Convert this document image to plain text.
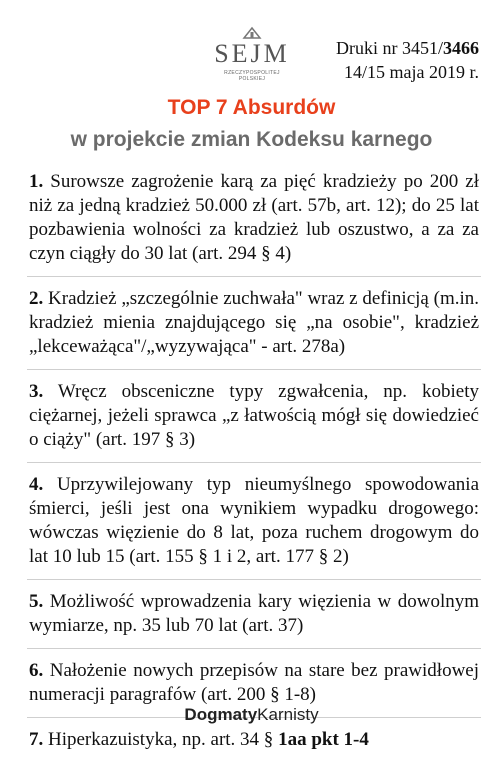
SEJM
RZECZYPOSPOLITEJ POLSKIEJ
Druki nr 3451/3466
14/15 maja 2019 r.
TOP 7 Absurdów
w projekcie zmian Kodeksu karnego
1. Surowsze zagrożenie karą za pięć kradzieży po 200 zł niż za jedną kradzież 50.000 zł (art. 57b, art. 12); do 25 lat pozbawienia wolności za kradzież lub oszustwo, a za za czyn ciągły do 30 lat (art. 294 § 4)
2. Kradzież „szczególnie zuchwała" wraz z definicją (m.in. kradzież mienia znajdującego się „na osobie", kradzież „lekceważąca"/„wyzywająca" - art. 278a)
3. Wręcz obsceniczne typy zgwałcenia, np. kobiety ciężarnej, jeżeli sprawca „z łatwością mógł się dowiedzieć o ciąży" (art. 197 § 3)
4. Uprzywilejowany typ nieumyślnego spowodowania śmierci, jeśli jest ona wynikiem wypadku drogowego: wówczas więzienie do 8 lat, poza ruchem drogowym do lat 10 lub 15 (art. 155 § 1 i 2, art. 177 § 2)
5. Możliwość wprowadzenia kary więzienia w dowolnym wymiarze, np. 35 lub 70 lat (art. 37)
6. Nałożenie nowych przepisów na stare bez prawidłowej numeracji paragrafów (art. 200 § 1-8)
7. Hiperkazuistyka, np. art. 34 § 1aa pkt 1-4
DogmatyKarnisty
